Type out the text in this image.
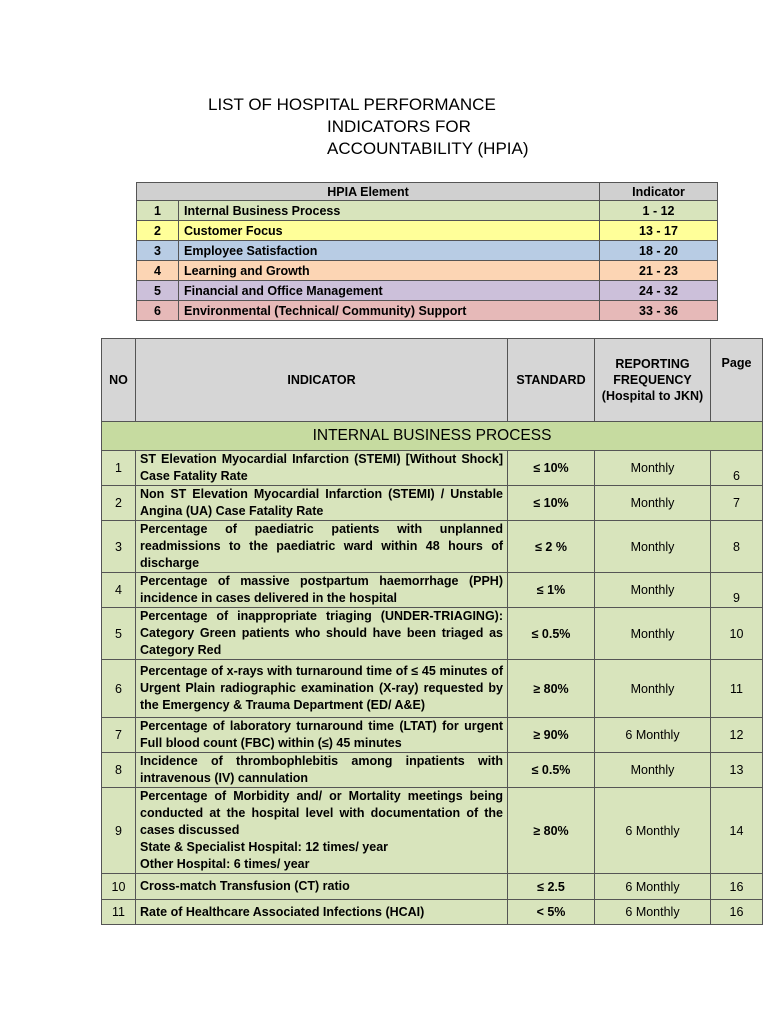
LIST OF HOSPITAL PERFORMANCE
INDICATORS FOR
ACCOUNTABILITY (HPIA)
HPIA Element		Indicator
1	Internal Business Process	1 - 12
2	Customer Focus	13 - 17
3	Employee Satisfaction	18 - 20
4	Learning and Growth	21 - 23
5	Financial and Office Management	24 - 32
6	Environmental (Technical/ Community) Support	33 - 36
NO	INDICATOR	STANDARD	REPORTING FREQUENCY (Hospital to JKN)	Page
INTERNAL BUSINESS PROCESS				
1	ST Elevation Myocardial Infarction (STEMI) [Without Shock] Case Fatality Rate	≤ 10%	Monthly	6
2	Non ST Elevation Myocardial Infarction (STEMI) / Unstable Angina (UA) Case Fatality Rate	≤ 10%	Monthly	7
3	Percentage of paediatric patients with unplanned readmissions to the paediatric ward within 48 hours of discharge	≤ 2 %	Monthly	8
4	Percentage of massive postpartum haemorrhage (PPH) incidence in cases delivered in the hospital	≤ 1%	Monthly	9
5	Percentage of inappropriate triaging (UNDER-TRIAGING): Category Green patients who should have been triaged as Category Red	≤ 0.5%	Monthly	10
6	Percentage of x-rays with turnaround time of ≤ 45 minutes of Urgent Plain radiographic examination (X-ray) requested by the Emergency & Trauma Department (ED/ A&E)	≥ 80%	Monthly	11
7	Percentage of laboratory turnaround time (LTAT) for urgent Full blood count (FBC) within (≤) 45 minutes	≥ 90%	6 Monthly	12
8	Incidence of thrombophlebitis among inpatients with intravenous (IV) cannulation	≤ 0.5%	Monthly	13
9	Percentage of Morbidity and/ or Mortality meetings being conducted at the hospital level with documentation of the cases discussed
State & Specialist Hospital: 12 times/ year
Other Hospital: 6 times/ year	≥ 80%	6 Monthly	14
10	Cross-match Transfusion (CT) ratio	≤ 2.5	6 Monthly	16
11	Rate of Healthcare Associated Infections (HCAI)	< 5%	6 Monthly	16
